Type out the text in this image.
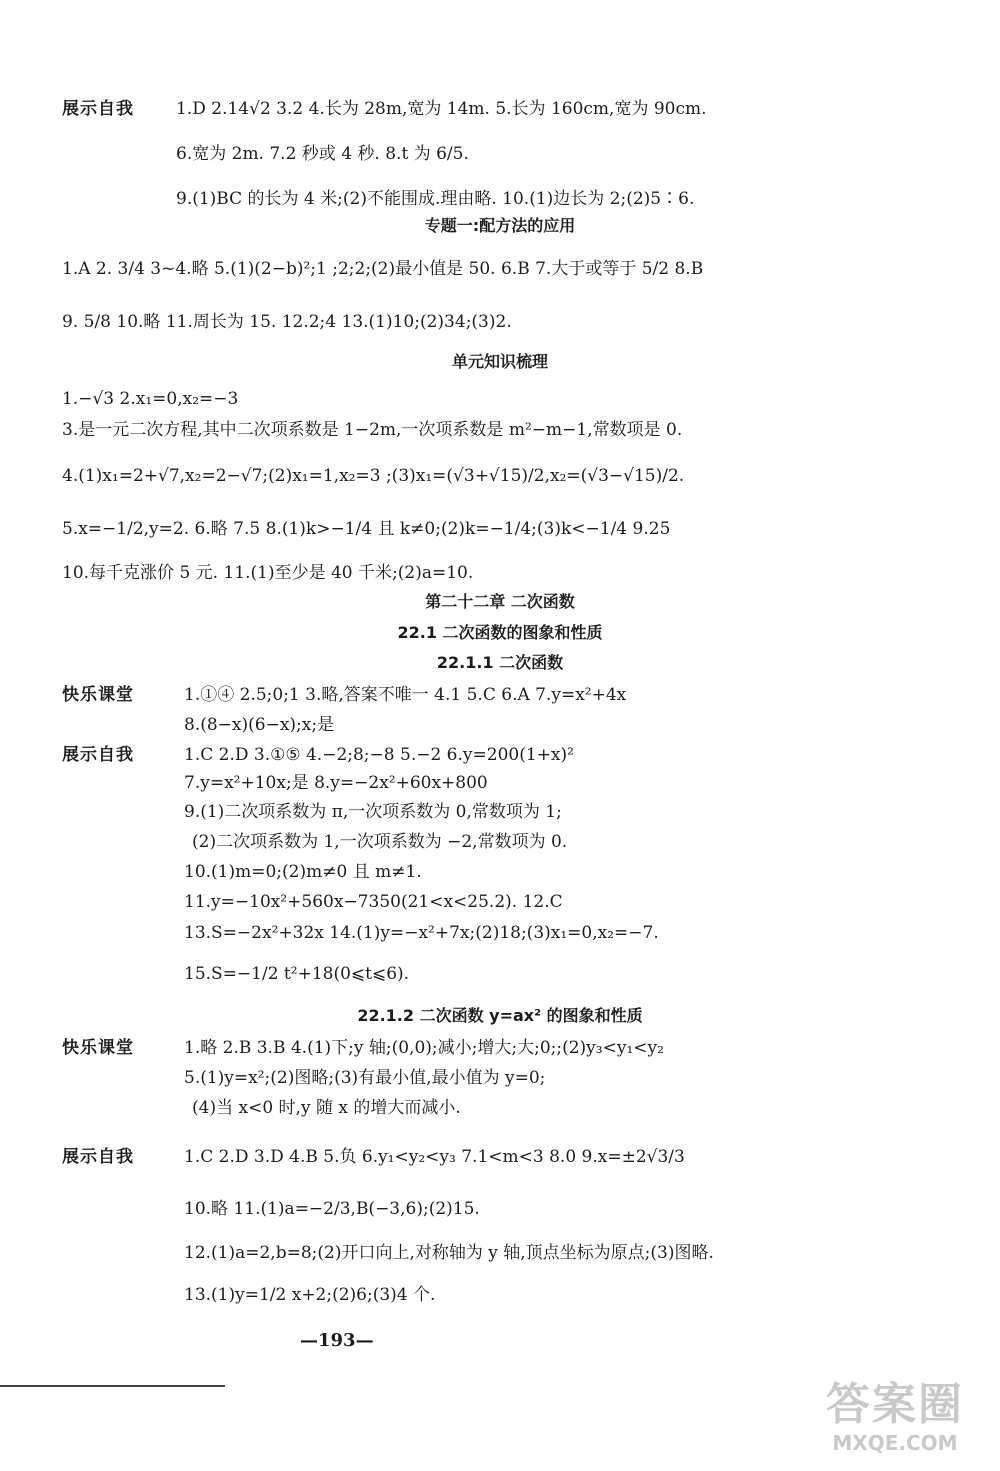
展示自我 1.D 2.14√2 3.2 4.长为 28m,宽为 14m. 5.长为 160cm,宽为 90cm.
6.宽为 2m. 7.2 秒或 4 秒. 8.t 为 6/5.
9.(1)BC 的长为 4 米;(2)不能围成.理由略. 10.(1)边长为 2;(2)5∶6.
专题一:配方法的应用
1.A 2. 3/4 3~4.略 5.(1)(2−b)²;1 ;2;2;(2)最小值是 50. 6.B 7.大于或等于 5/2 8.B
9. 5/8 10.略 11.周长为 15. 12.2;4 13.(1)10;(2)34;(3)2.
单元知识梳理
1.−√3 2.x₁=0,x₂=−3
3.是一元二次方程,其中二次项系数是 1−2m,一次项系数是 m²−m−1,常数项是 0.
4.(1)x₁=2+√7,x₂=2−√7;(2)x₁=1,x₂=3 ;(3)x₁=(√3+√15)/2,x₂=(√3−√15)/2.
5.x=−1/2,y=2. 6.略 7.5 8.(1)k>−1/4 且 k≠0;(2)k=−1/4;(3)k<−1/4 9.25
10.每千克涨价 5 元. 11.(1)至少是 40 千米;(2)a=10.
第二十二章 二次函数
22.1 二次函数的图象和性质
22.1.1 二次函数
快乐课堂	1.①④ 2.5;0;1 3.略,答案不唯一 4.1 5.C 6.A 7.y=x²+4x
8.(8−x)(6−x);x;是
展示自我	1.C 2.D 3.①⑤ 4.−2;8;−8 5.−2 6.y=200(1+x)²
7.y=x²+10x;是 8.y=−2x²+60x+800
9.(1)二次项系数为 π,一次项系数为 0,常数项为 1;
(2)二次项系数为 1,一次项系数为 −2,常数项为 0.
10.(1)m=0;(2)m≠0 且 m≠1.
11.y=−10x²+560x−7350(21<x<25.2). 12.C
13.S=−2x²+32x 14.(1)y=−x²+7x;(2)18;(3)x₁=0,x₂=−7.
15.S=−1/2 t²+18(0⩽t⩽6).
22.1.2 二次函数 y=ax² 的图象和性质
快乐课堂	1.略 2.B 3.B 4.(1)下;y 轴;(0,0);减小;增大;大;0;;(2)y₃<y₁<y₂
5.(1)y=x²;(2)图略;(3)有最小值,最小值为 y=0;
(4)当 x<0 时,y 随 x 的增大而减小.
展示自我	1.C 2.D 3.D 4.B 5.负 6.y₁<y₂<y₃ 7.1<m<3 8.0 9.x=±2√3/3
10.略 11.(1)a=−2/3,B(−3,6);(2)15.
12.(1)a=2,b=8;(2)开口向上,对称轴为 y 轴,顶点坐标为原点;(3)图略.
13.(1)y=1/2 x+2;(2)6;(3)4 个.
—193—
答案圈
MXQE.COM
